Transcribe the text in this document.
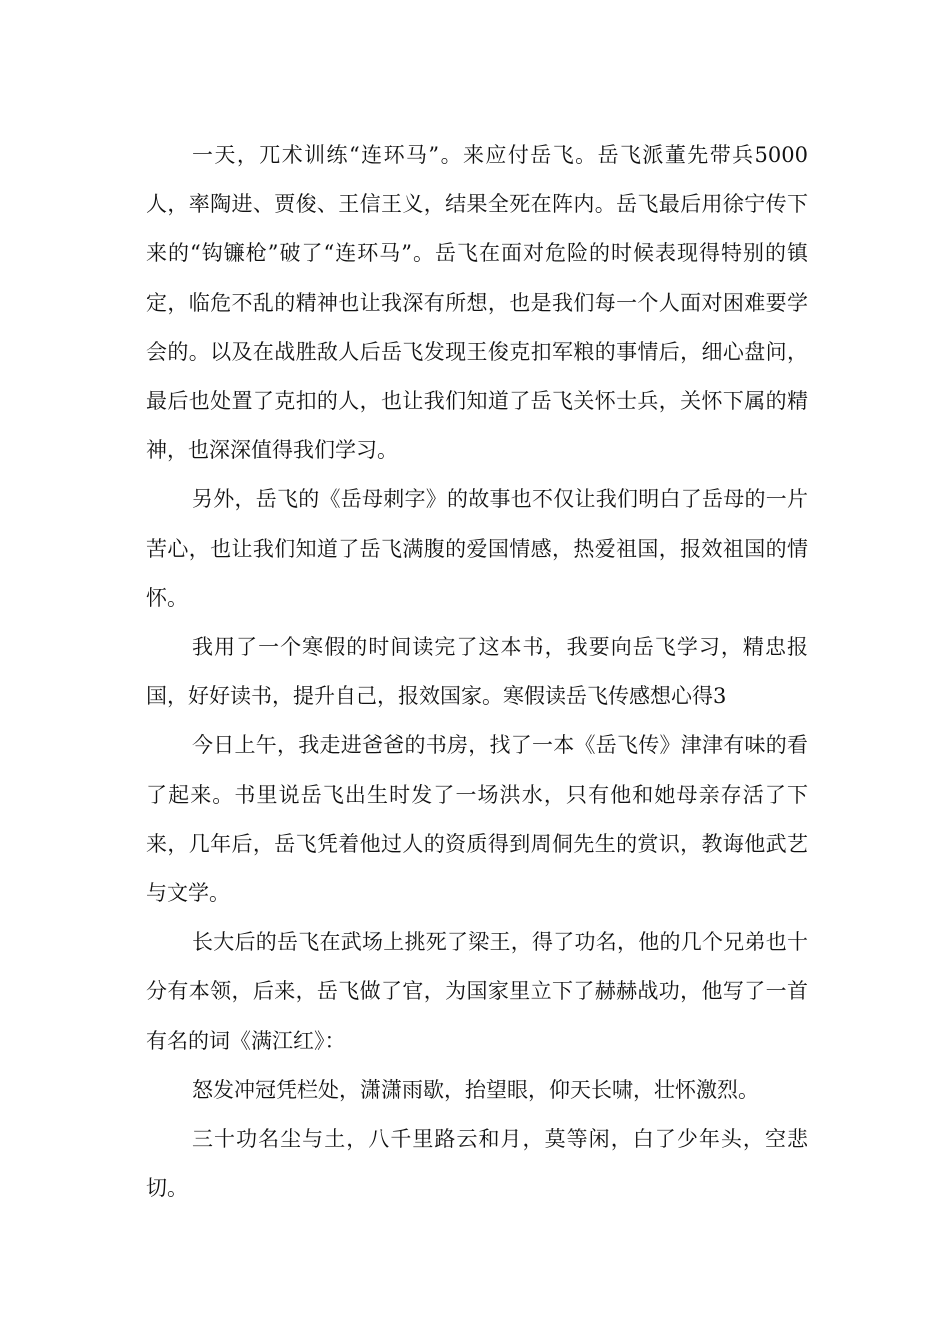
一天，兀术训练“连环马”。来应付岳飞。岳飞派董先带兵5000人，率陶进、贾俊、王信王义，结果全死在阵内。岳飞最后用徐宁传下来的“钩镰枪”破了“连环马”。岳飞在面对危险的时候表现得特别的镇定，临危不乱的精神也让我深有所想，也是我们每一个人面对困难要学会的。以及在战胜敌人后岳飞发现王俊克扣军粮的事情后，细心盘问，最后也处置了克扣的人，也让我们知道了岳飞关怀士兵，关怀下属的精神，也深深值得我们学习。

另外，岳飞的《岳母刺字》的故事也不仅让我们明白了岳母的一片苦心，也让我们知道了岳飞满腹的爱国情感，热爱祖国，报效祖国的情怀。

我用了一个寒假的时间读完了这本书，我要向岳飞学习，精忠报国，好好读书，提升自己，报效国家。寒假读岳飞传感想心得3

今日上午，我走进爸爸的书房，找了一本《岳飞传》津津有味的看了起来。书里说岳飞出生时发了一场洪水，只有他和她母亲存活了下来，几年后，岳飞凭着他过人的资质得到周侗先生的赏识，教诲他武艺与文学。

长大后的岳飞在武场上挑死了梁王，得了功名，他的几个兄弟也十分有本领，后来，岳飞做了官，为国家里立下了赫赫战功，他写了一首有名的词《满江红》：

怒发冲冠凭栏处，潇潇雨歇，抬望眼，仰天长啸，壮怀激烈。

三十功名尘与土，八千里路云和月，莫等闲，白了少年头，空悲切。
